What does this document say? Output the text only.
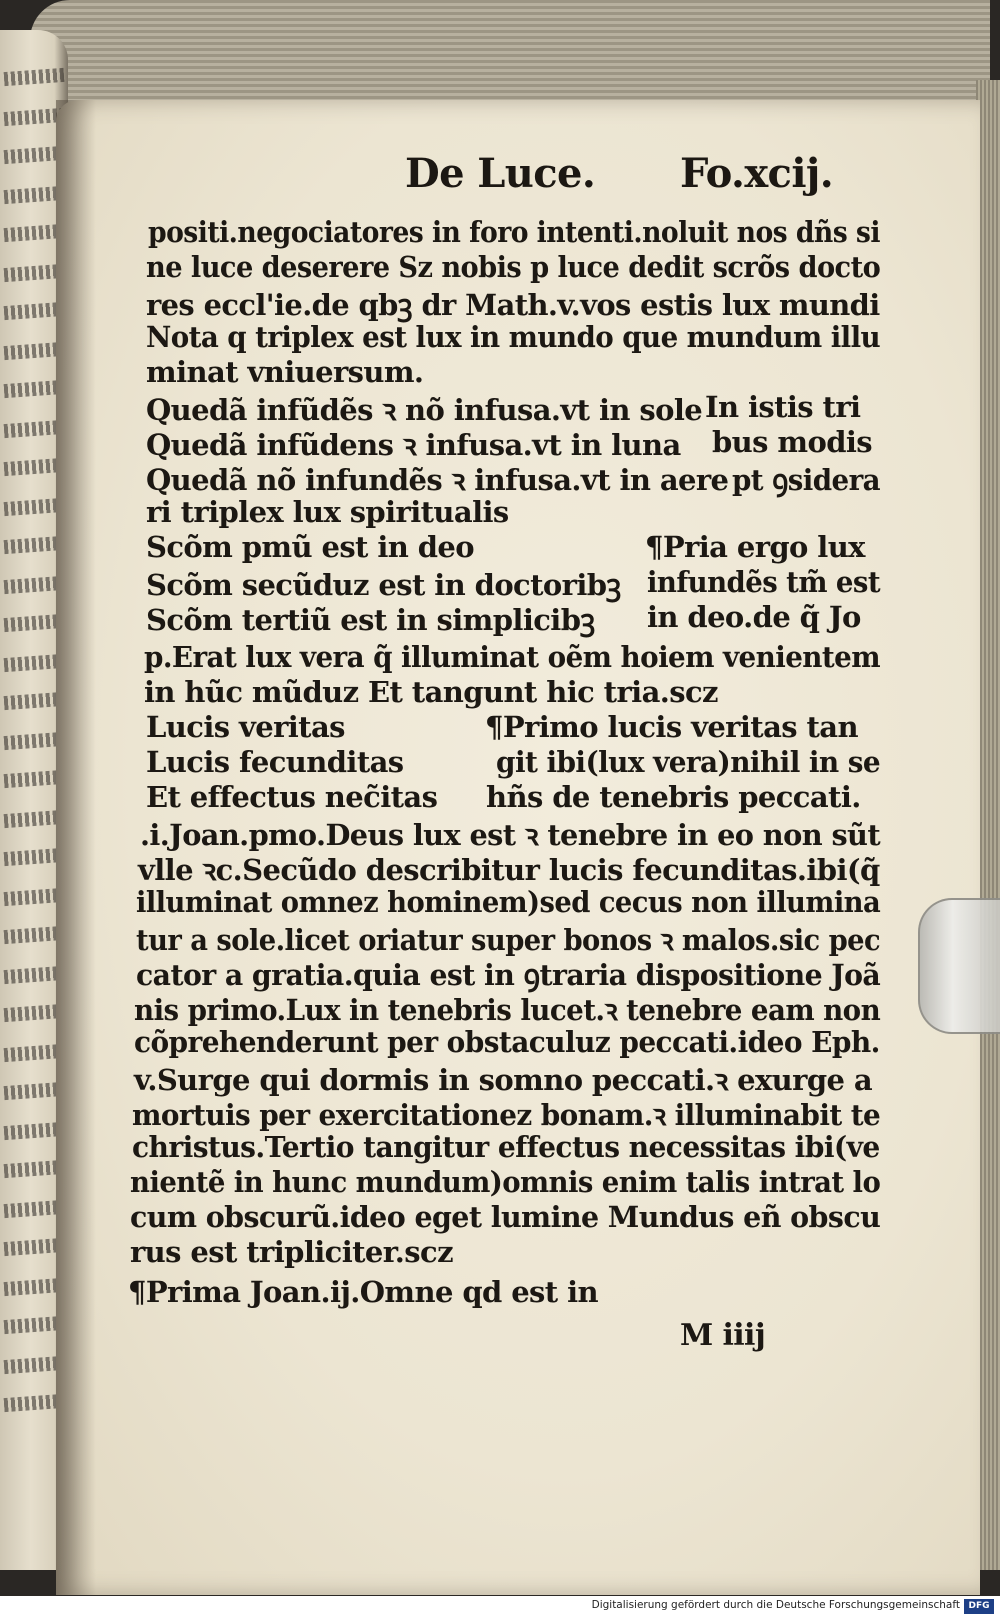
De Luce. Fo.xcij.
positi.negociatores in foro intenti.noluit nos dñs si
ne luce deserere Sz nobis p luce dedit scrõs docto
res eccl'ie.de qbꝫ dr Math.v.vos estis lux mundi
Nota q triplex est lux in mundo que mundum illu
minat vniuersum.
Quedã infũdẽs ꝛ nõ infusa.vt in sole
Quedã infũdens ꝛ infusa.vt in luna
Quedã nõ infundẽs ꝛ infusa.vt in aere
ri triplex lux spiritualis
Scõm pmũ est in deo
Scõm secũduz est in doctoribꝫ
Scõm tertiũ est in simplicibꝫ
p.Erat lux vera q̃ illuminat oẽm hoiem venientem
in hũc mũduz Et tangunt hic tria.scz
Lucis veritas
Lucis fecunditas
Et effectus nec̃itas
.i.Joan.pmo.Deus lux est ꝛ tenebre in eo non sũt
vlle ꝛc.Secũdo describitur lucis fecunditas.ibi(q̃
illuminat omnez hominem)sed cecus non illumina
tur a sole.licet oriatur super bonos ꝛ malos.sic pec
cator a gratia.quia est in ꝯtraria dispositione Joã
nis primo.Lux in tenebris lucet.ꝛ tenebre eam non
cõprehenderunt per obstaculuz peccati.ideo Eph.
v.Surge qui dormis in somno peccati.ꝛ exurge a
mortuis per exercitationez bonam.ꝛ illuminabit te
christus.Tertio tangitur effectus necessitas ibi(ve
nientẽ in hunc mundum)omnis enim talis intrat lo
cum obscurũ.ideo eget lumine Mundus eñ obscu
rus est tripliciter.scz
¶Prima Joan.ij.Omne qd est in
In istis tri
bus modis
pt ꝯsidera
¶Pria ergo lux
infundẽs tm̃ est
in deo.de q̃ Jo
¶Primo lucis veritas tan
git ibi(lux vera)nihil in se
hñs de tenebris peccati.
M iiij
Digitalisierung gefördert durch die Deutsche Forschungsgemeinschaft DFG
